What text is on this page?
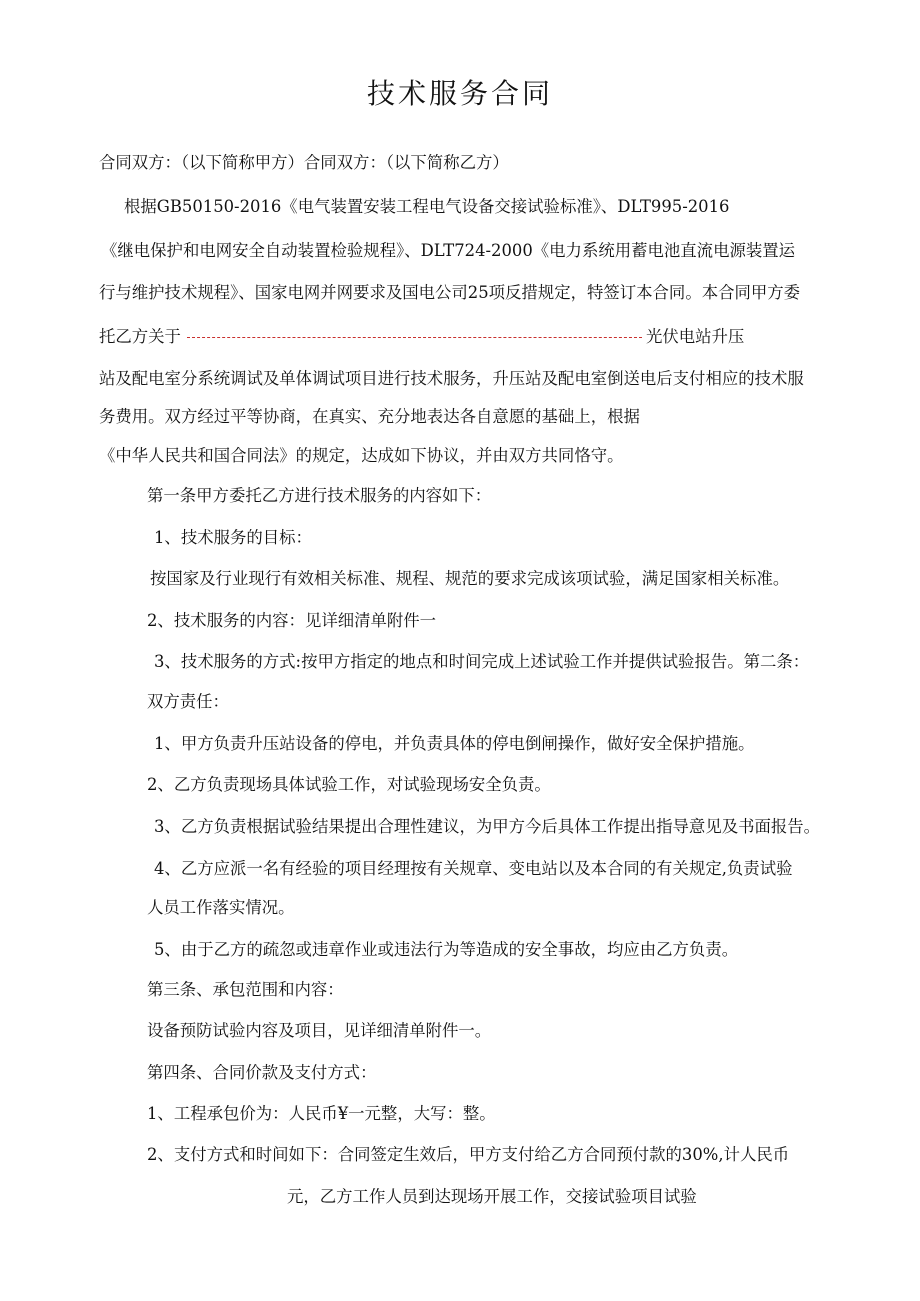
技术服务合同
合同双方：（以下简称甲方）合同双方：（以下简称乙方）
根据GB50150-2016《电气装置安装工程电气设备交接试验标准》、DLT995-2016
《继电保护和电网安全自动装置检验规程》、DLT724-2000《电力系统用蓄电池直流电源装置运
行与维护技术规程》、国家电网并网要求及国电公司25项反措规定，特签订本合同。本合同甲方委
托乙方关于	光伏电站升压
站及配电室分系统调试及单体调试项目进行技术服务，升压站及配电室倒送电后支付相应的技术服
务费用。双方经过平等协商，在真实、充分地表达各自意愿的基础上，根据
《中华人民共和国合同法》的规定，达成如下协议，并由双方共同恪守。
第一条甲方委托乙方进行技术服务的内容如下：
1、技术服务的目标：
按国家及行业现行有效相关标准、规程、规范的要求完成该项试验，满足国家相关标准。
2、技术服务的内容：见详细清单附件一
3、技术服务的方式:按甲方指定的地点和时间完成上述试验工作并提供试验报告。第二条：
双方责任：
1、甲方负责升压站设备的停电，并负责具体的停电倒闸操作，做好安全保护措施。
2、乙方负责现场具体试验工作，对试验现场安全负责。
3、乙方负责根据试验结果提出合理性建议，为甲方今后具体工作提出指导意见及书面报告。
4、乙方应派一名有经验的项目经理按有关规章、变电站以及本合同的有关规定,负责试验
人员工作落实情况。
5、由于乙方的疏忽或违章作业或违法行为等造成的安全事故，均应由乙方负责。
第三条、承包范围和内容：
设备预防试验内容及项目，见详细清单附件一。
第四条、合同价款及支付方式：
1、工程承包价为：人民币¥一元整，大写：整。
2、支付方式和时间如下：合同签定生效后，甲方支付给乙方合同预付款的30%,计人民币
元，乙方工作人员到达现场开展工作，交接试验项目试验
